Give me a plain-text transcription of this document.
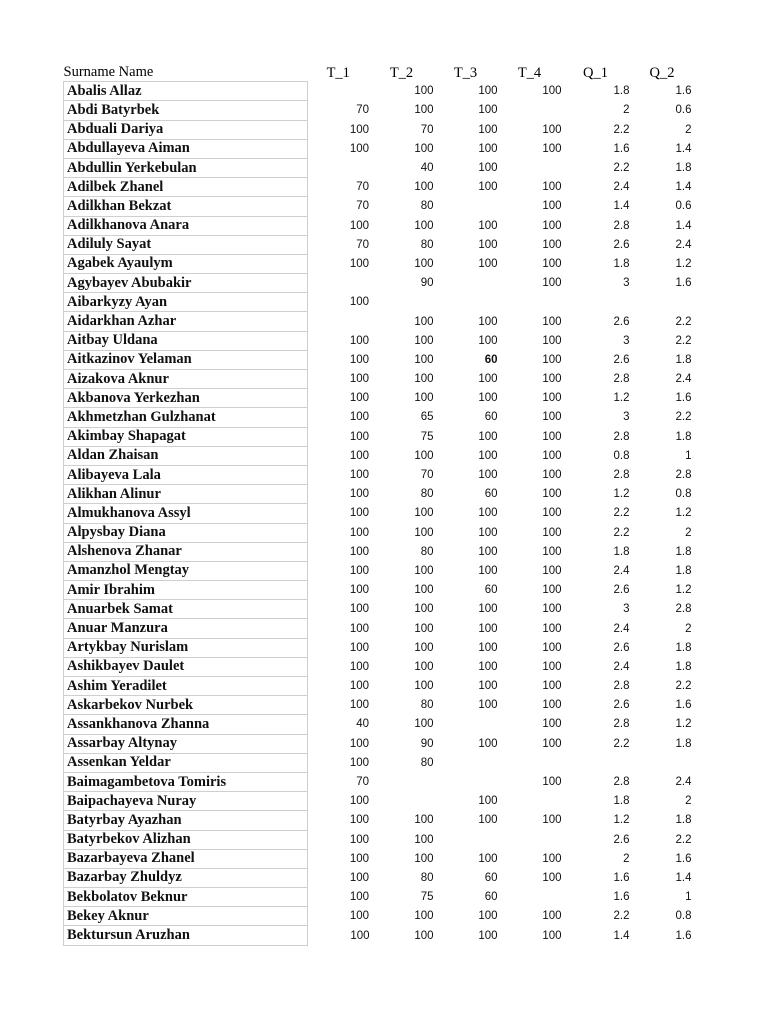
Surname Name	T_1	T_2	T_3	T_4	Q_1	Q_2
Abalis Allaz		100	100	100	1.8	1.6
Abdi Batyrbek	70	100	100		2	0.6
Abduali Dariya	100	70	100	100	2.2	2
Abdullayeva Aiman	100	100	100	100	1.6	1.4
Abdullin Yerkebulan		40	100		2.2	1.8
Adilbek Zhanel	70	100	100	100	2.4	1.4
Adilkhan Bekzat	70	80		100	1.4	0.6
Adilkhanova Anara	100	100	100	100	2.8	1.4
Adiluly Sayat	70	80	100	100	2.6	2.4
Agabek Ayaulym	100	100	100	100	1.8	1.2
Agybayev Abubakir		90		100	3	1.6
Aibarkyzy Ayan	100					
Aidarkhan Azhar		100	100	100	2.6	2.2
Aitbay Uldana	100	100	100	100	3	2.2
Aitkazinov Yelaman	100	100	60	100	2.6	1.8
Aizakova Aknur	100	100	100	100	2.8	2.4
Akbanova Yerkezhan	100	100	100	100	1.2	1.6
Akhmetzhan Gulzhanat	100	65	60	100	3	2.2
Akimbay Shapagat	100	75	100	100	2.8	1.8
Aldan Zhaisan	100	100	100	100	0.8	1
Alibayeva Lala	100	70	100	100	2.8	2.8
Alikhan Alinur	100	80	60	100	1.2	0.8
Almukhanova Assyl	100	100	100	100	2.2	1.2
Alpysbay Diana	100	100	100	100	2.2	2
Alshenova Zhanar	100	80	100	100	1.8	1.8
Amanzhol Mengtay	100	100	100	100	2.4	1.8
Amir Ibrahim	100	100	60	100	2.6	1.2
Anuarbek Samat	100	100	100	100	3	2.8
Anuar Manzura	100	100	100	100	2.4	2
Artykbay Nurislam	100	100	100	100	2.6	1.8
Ashikbayev Daulet	100	100	100	100	2.4	1.8
Ashim Yeradilet	100	100	100	100	2.8	2.2
Askarbekov Nurbek	100	80	100	100	2.6	1.6
Assankhanova Zhanna	40	100		100	2.8	1.2
Assarbay Altynay	100	90	100	100	2.2	1.8
Assenkan Yeldar	100	80				
Baimagambetova Tomiris	70			100	2.8	2.4
Baipachayeva Nuray	100		100		1.8	2
Batyrbay Ayazhan	100	100	100	100	1.2	1.8
Batyrbekov Alizhan	100	100			2.6	2.2
Bazarbayeva Zhanel	100	100	100	100	2	1.6
Bazarbay Zhuldyz	100	80	60	100	1.6	1.4
Bekbolatov Beknur	100	75	60		1.6	1
Bekey Aknur	100	100	100	100	2.2	0.8
Bektursun Aruzhan	100	100	100	100	1.4	1.6
